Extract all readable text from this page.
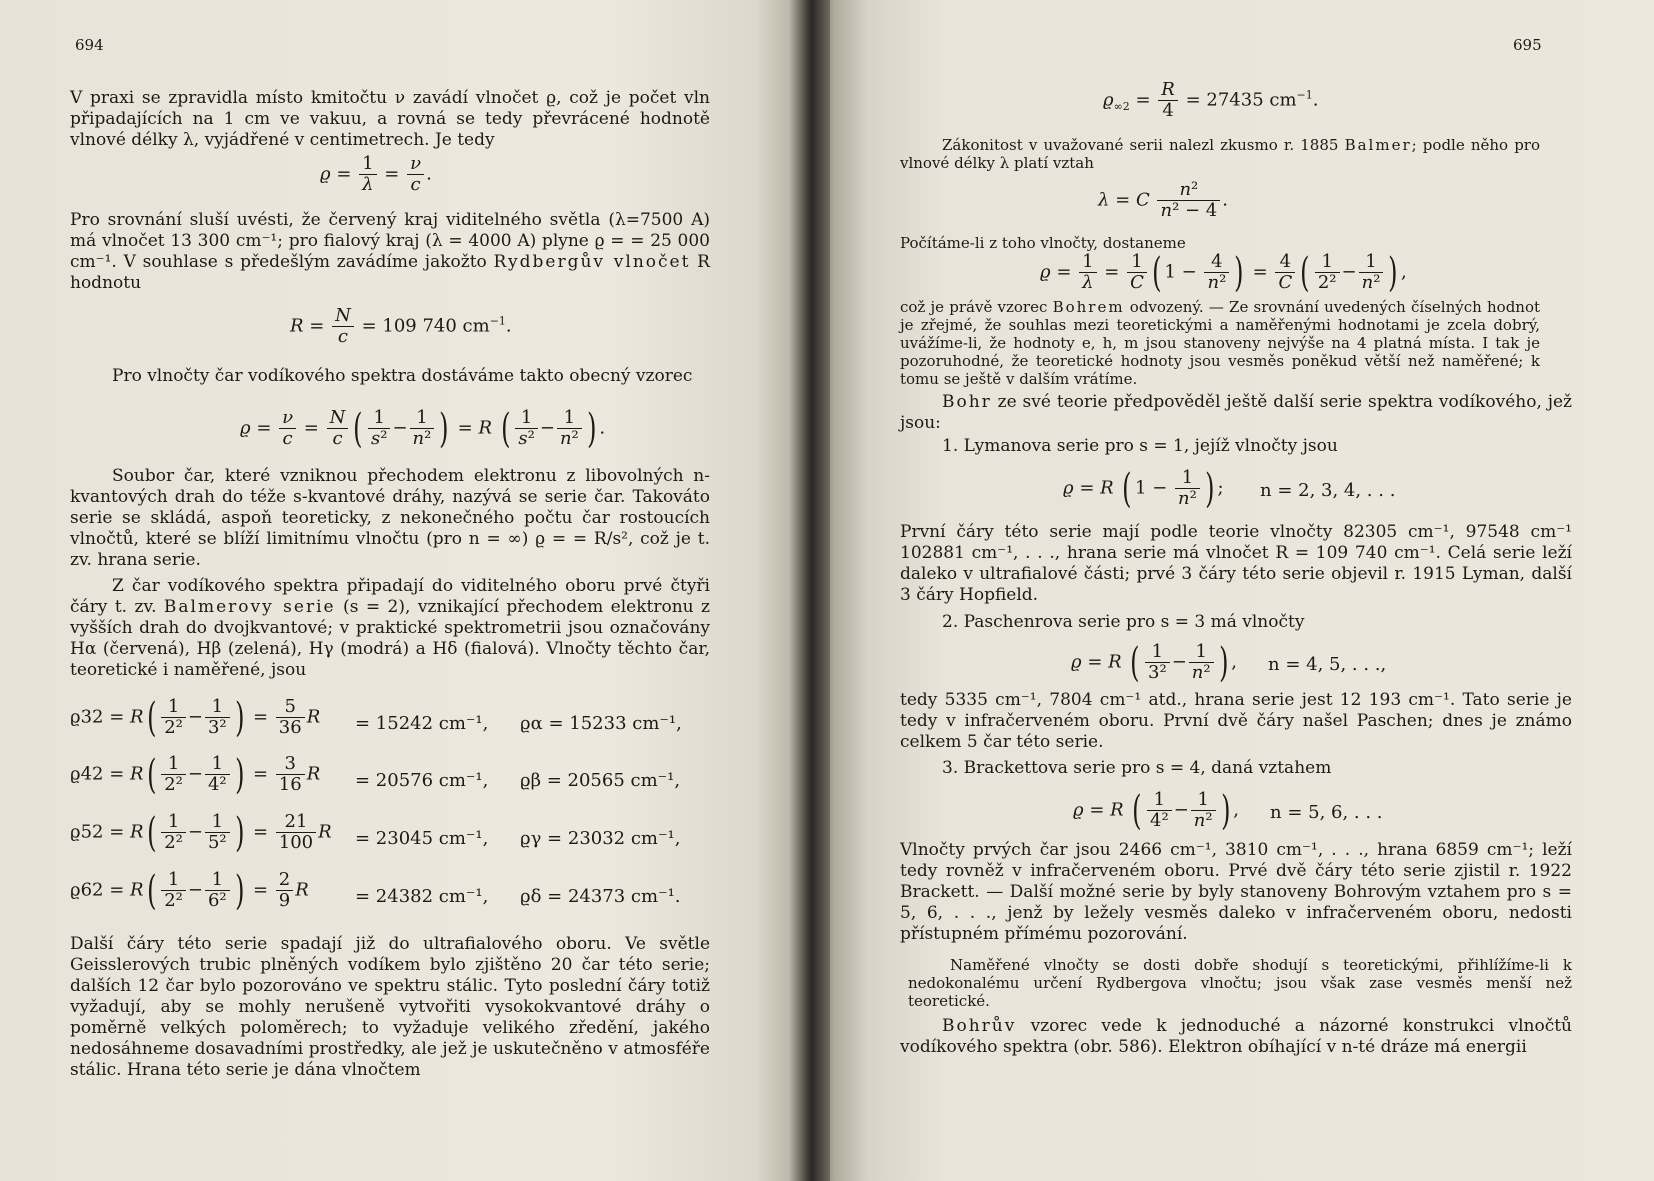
694

V praxi se zpravidla místo kmitočtu ν zavádí vlnočet ϱ, což je počet vln připadajících na 1 cm ve vakuu, a rovná se tedy převrácené hodnotě vlnové délky λ, vyjádřené v centimetrech. Je tedy

$ϱ = \frac{1}{\lambda} = \frac{\nu}{c}$ .

Pro srovnání sluší uvésti, že červený kraj viditelného světla (λ=7500 A) má vlnočet 13 300 cm⁻¹; pro fialový kraj (λ = 4000 A) plyne ϱ = = 25 000 cm⁻¹. V souhlase s předešlým zavádíme jakožto Rydbergův vlnočet R hodnotu

$R = \frac{N}{c} = 109$ 740 $cm^{-1}$.

Pro vlnočty čar vodíkového spektra dostáváme takto obecný vzorec

$ϱ = \frac{\nu}{c} = \frac{N}{c}$ ( $\frac{1}{\text{s²}} - \frac{1}{\text{n²}}$ ) = R ( $\frac{1}{\text{s²}} - \frac{1}{\text{n²}}$ ) .

Soubor čar, které vzniknou přechodem elektronu z libovolných n-kvantových drah do téže s-kvantové dráhy, nazývá se serie čar. Takováto serie se skládá, aspoň teoreticky, z nekonečného počtu čar rostoucích vlnočtů, které se blíží limitnímu vlnočtu (pro n = ∞) ϱ = = R/s², což je t. zv. hrana serie.

Z čar vodíkového spektra připadají do viditelného oboru prvé čtyři čáry t. zv. Balmerovy serie (s = 2), vznikající přechodem elektronu z vyšších drah do dvojkvantové; v praktické spektrometrii jsou označovány Hα (červená), Hβ (zelená), Hγ (modrá) a Hδ (fialová). Vlnočty těchto čar, teoretické i naměřené, jsou

$ϱ32 = R( \frac{1}{\text{2²}} - \frac{1}{\text{3²}}$ ) = $\frac{5}{36}$ R = 15242 cm⁻¹, ϱα = 15233 cm⁻¹,
$ϱ42 = R( \frac{1}{\text{2²}} - \frac{1}{\text{4²}}$ ) = $\frac{3}{16}$ R = 20576 cm⁻¹, ϱβ = 20565 cm⁻¹,
$ϱ52 = R( \frac{1}{\text{2²}} - \frac{1}{\text{5²}}$ ) = $\frac{21}{100}$ R = 23045 cm⁻¹, ϱγ = 23032 cm⁻¹,
$ϱ62 = R( \frac{1}{\text{2²}} - \frac{1}{\text{6²}}$ ) = $\frac{2}{9}$ R	= 24382 cm⁻¹, ϱδ = 24373 cm⁻¹.

Další čáry této serie spadají již do ultrafialového oboru. Ve světle Geisslerových trubic plněných vodíkem bylo zjištěno 20 čar této serie; dalších 12 čar bylo pozorováno ve spektru stálic. Tyto poslední čáry totiž vyžadují, aby se mohly nerušeně vytvořiti vysokokvantové dráhy o poměrně velkých poloměrech; to vyžaduje velikého zředění, jakého nedosáhneme dosavadními prostředky, ale jež je uskutečněno v atmosféře stálic. Hrana této serie je dána vlnočtem

695
$ϱ_{\infty 2} = \frac{R}{4} = 27435$ $cm^{-1}$.

Zákonitost v uvažované serii nalezl zkusmo r. 1885 Balmer; podle něho pro vlnové délky λ platí vztah

λ = C $\frac{\text{n²}}{\text{n² − 4}}$ .

Počítáme-li z toho vlnočty, dostaneme

$ϱ = \frac{1}{\lambda} = \frac{1}{C}$ ( $1 - \frac{4}{\text{n²}}$ ) = $\frac{4}{C}$ ( $\frac{1}{\text{2²}} - \frac{1}{\text{n²}}$ ) ,

což je právě vzorec Bohrem odvozený. — Ze srovnání uvedených číselných hodnot je zřejmé, že souhlas mezi teoretickými a naměřenými hodnotami je zcela dobrý, uvážíme-li, že hodnoty e, h, m jsou stanoveny nejvýše na 4 platná místa. I tak je pozoruhodné, že teoretické hodnoty jsou vesměs poněkud větší než naměřené; k tomu se ještě v dalším vrátíme.

Bohr ze své teorie předpověděl ještě další serie spektra vodíkového, jež jsou:

1. Lymanova serie pro s = 1, jejíž vlnočty jsou
ϱ = R ( $1 - \frac{1}{\text{n²}}$ ) ; n = 2, 3, 4, . . .

První čáry této serie mají podle teorie vlnočty 82305 cm⁻¹, 97548 cm⁻¹ 102881 cm⁻¹, . . ., hrana serie má vlnočet R = 109 740 cm⁻¹. Celá serie leží daleko v ultrafialové části; prvé 3 čáry této serie objevil r. 1915 Lyman, další 3 čáry Hopfield.

2. Paschenrova serie pro s = 3 má vlnočty
ϱ = R ( $\frac{1}{\text{3²}} - \frac{1}{\text{n²}}$ ) , n = 4, 5, . . .,

tedy 5335 cm⁻¹, 7804 cm⁻¹ atd., hrana serie jest 12 193 cm⁻¹. Tato serie je tedy v infračerveném oboru. První dvě čáry našel Paschen; dnes je známo celkem 5 čar této serie.

3. Brackettova serie pro s = 4, daná vztahem
ϱ = R ( $\frac{1}{\text{4²}} - \frac{1}{\text{n²}}$ ) , n = 5, 6, . . .

Vlnočty prvých čar jsou 2466 cm⁻¹, 3810 cm⁻¹, . . ., hrana 6859 cm⁻¹; leží tedy rovněž v infračerveném oboru. Prvé dvě čáry této serie zjistil r. 1922 Brackett. — Další možné serie by byly stanoveny Bohrovým vztahem pro s = 5, 6, . . ., jenž by ležely vesměs daleko v infračerveném oboru, nedosti přístupném přímému pozorování.

Naměřené vlnočty se dosti dobře shodují s teoretickými, přihlížíme-li k nedokonalému určení Rydbergova vlnočtu; jsou však zase vesměs menší než teoretické.

Bohrův vzorec vede k jednoduché a názorné konstrukci vlnočtů vodíkového spektra (obr. 586). Elektron obíhající v n-té dráze má energii
